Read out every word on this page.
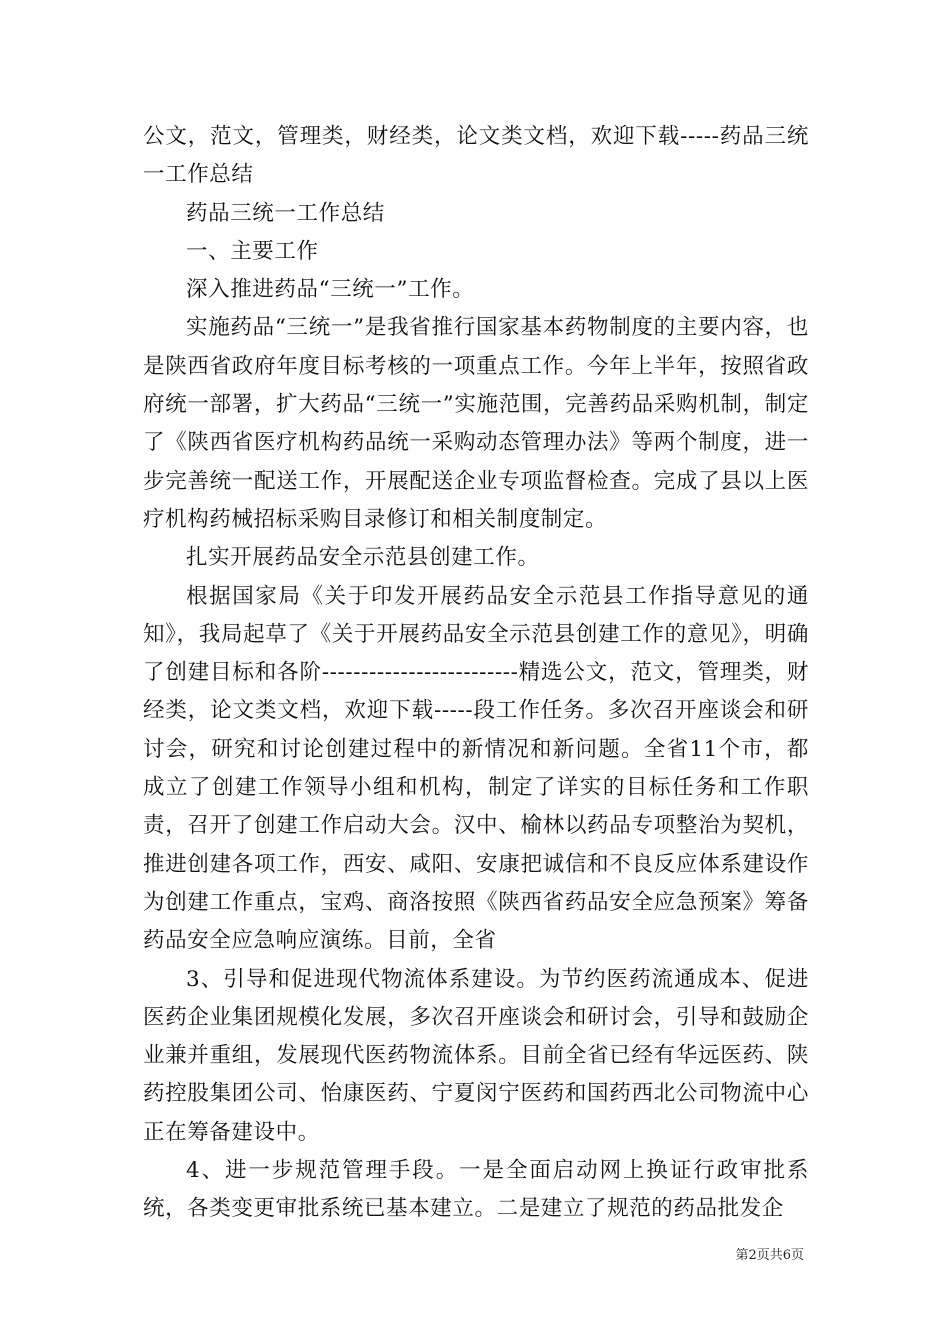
公文，范文，管理类，财经类，论文类文档，欢迎下载-----药品三统一工作总结

药品三统一工作总结

一、主要工作

深入推进药品“三统一”工作。

实施药品“三统一”是我省推行国家基本药物制度的主要内容，也是陕西省政府年度目标考核的一项重点工作。今年上半年，按照省政府统一部署，扩大药品“三统一”实施范围，完善药品采购机制，制定了《陕西省医疗机构药品统一采购动态管理办法》等两个制度，进一步完善统一配送工作，开展配送企业专项监督检查。完成了县以上医疗机构药械招标采购目录修订和相关制度制定。

扎实开展药品安全示范县创建工作。

根据国家局《关于印发开展药品安全示范县工作指导意见的通知》，我局起草了《关于开展药品安全示范县创建工作的意见》，明确了创建目标和各阶-------------------------精选公文，范文，管理类，财经类，论文类文档，欢迎下载-----段工作任务。多次召开座谈会和研讨会，研究和讨论创建过程中的新情况和新问题。全省11个市，都成立了创建工作领导小组和机构，制定了详实的目标任务和工作职责，召开了创建工作启动大会。汉中、榆林以药品专项整治为契机，推进创建各项工作，西安、咸阳、安康把诚信和不良反应体系建设作为创建工作重点，宝鸡、商洛按照《陕西省药品安全应急预案》筹备药品安全应急响应演练。目前，全省

3、引导和促进现代物流体系建设。为节约医药流通成本、促进医药企业集团规模化发展，多次召开座谈会和研讨会，引导和鼓励企业兼并重组，发展现代医药物流体系。目前全省已经有华远医药、陕药控股集团公司、怡康医药、宁夏闵宁医药和国药西北公司物流中心正在筹备建设中。

4、进一步规范管理手段。一是全面启动网上换证行政审批系统，各类变更审批系统已基本建立。二是建立了规范的药品批发企

第2页共6页
